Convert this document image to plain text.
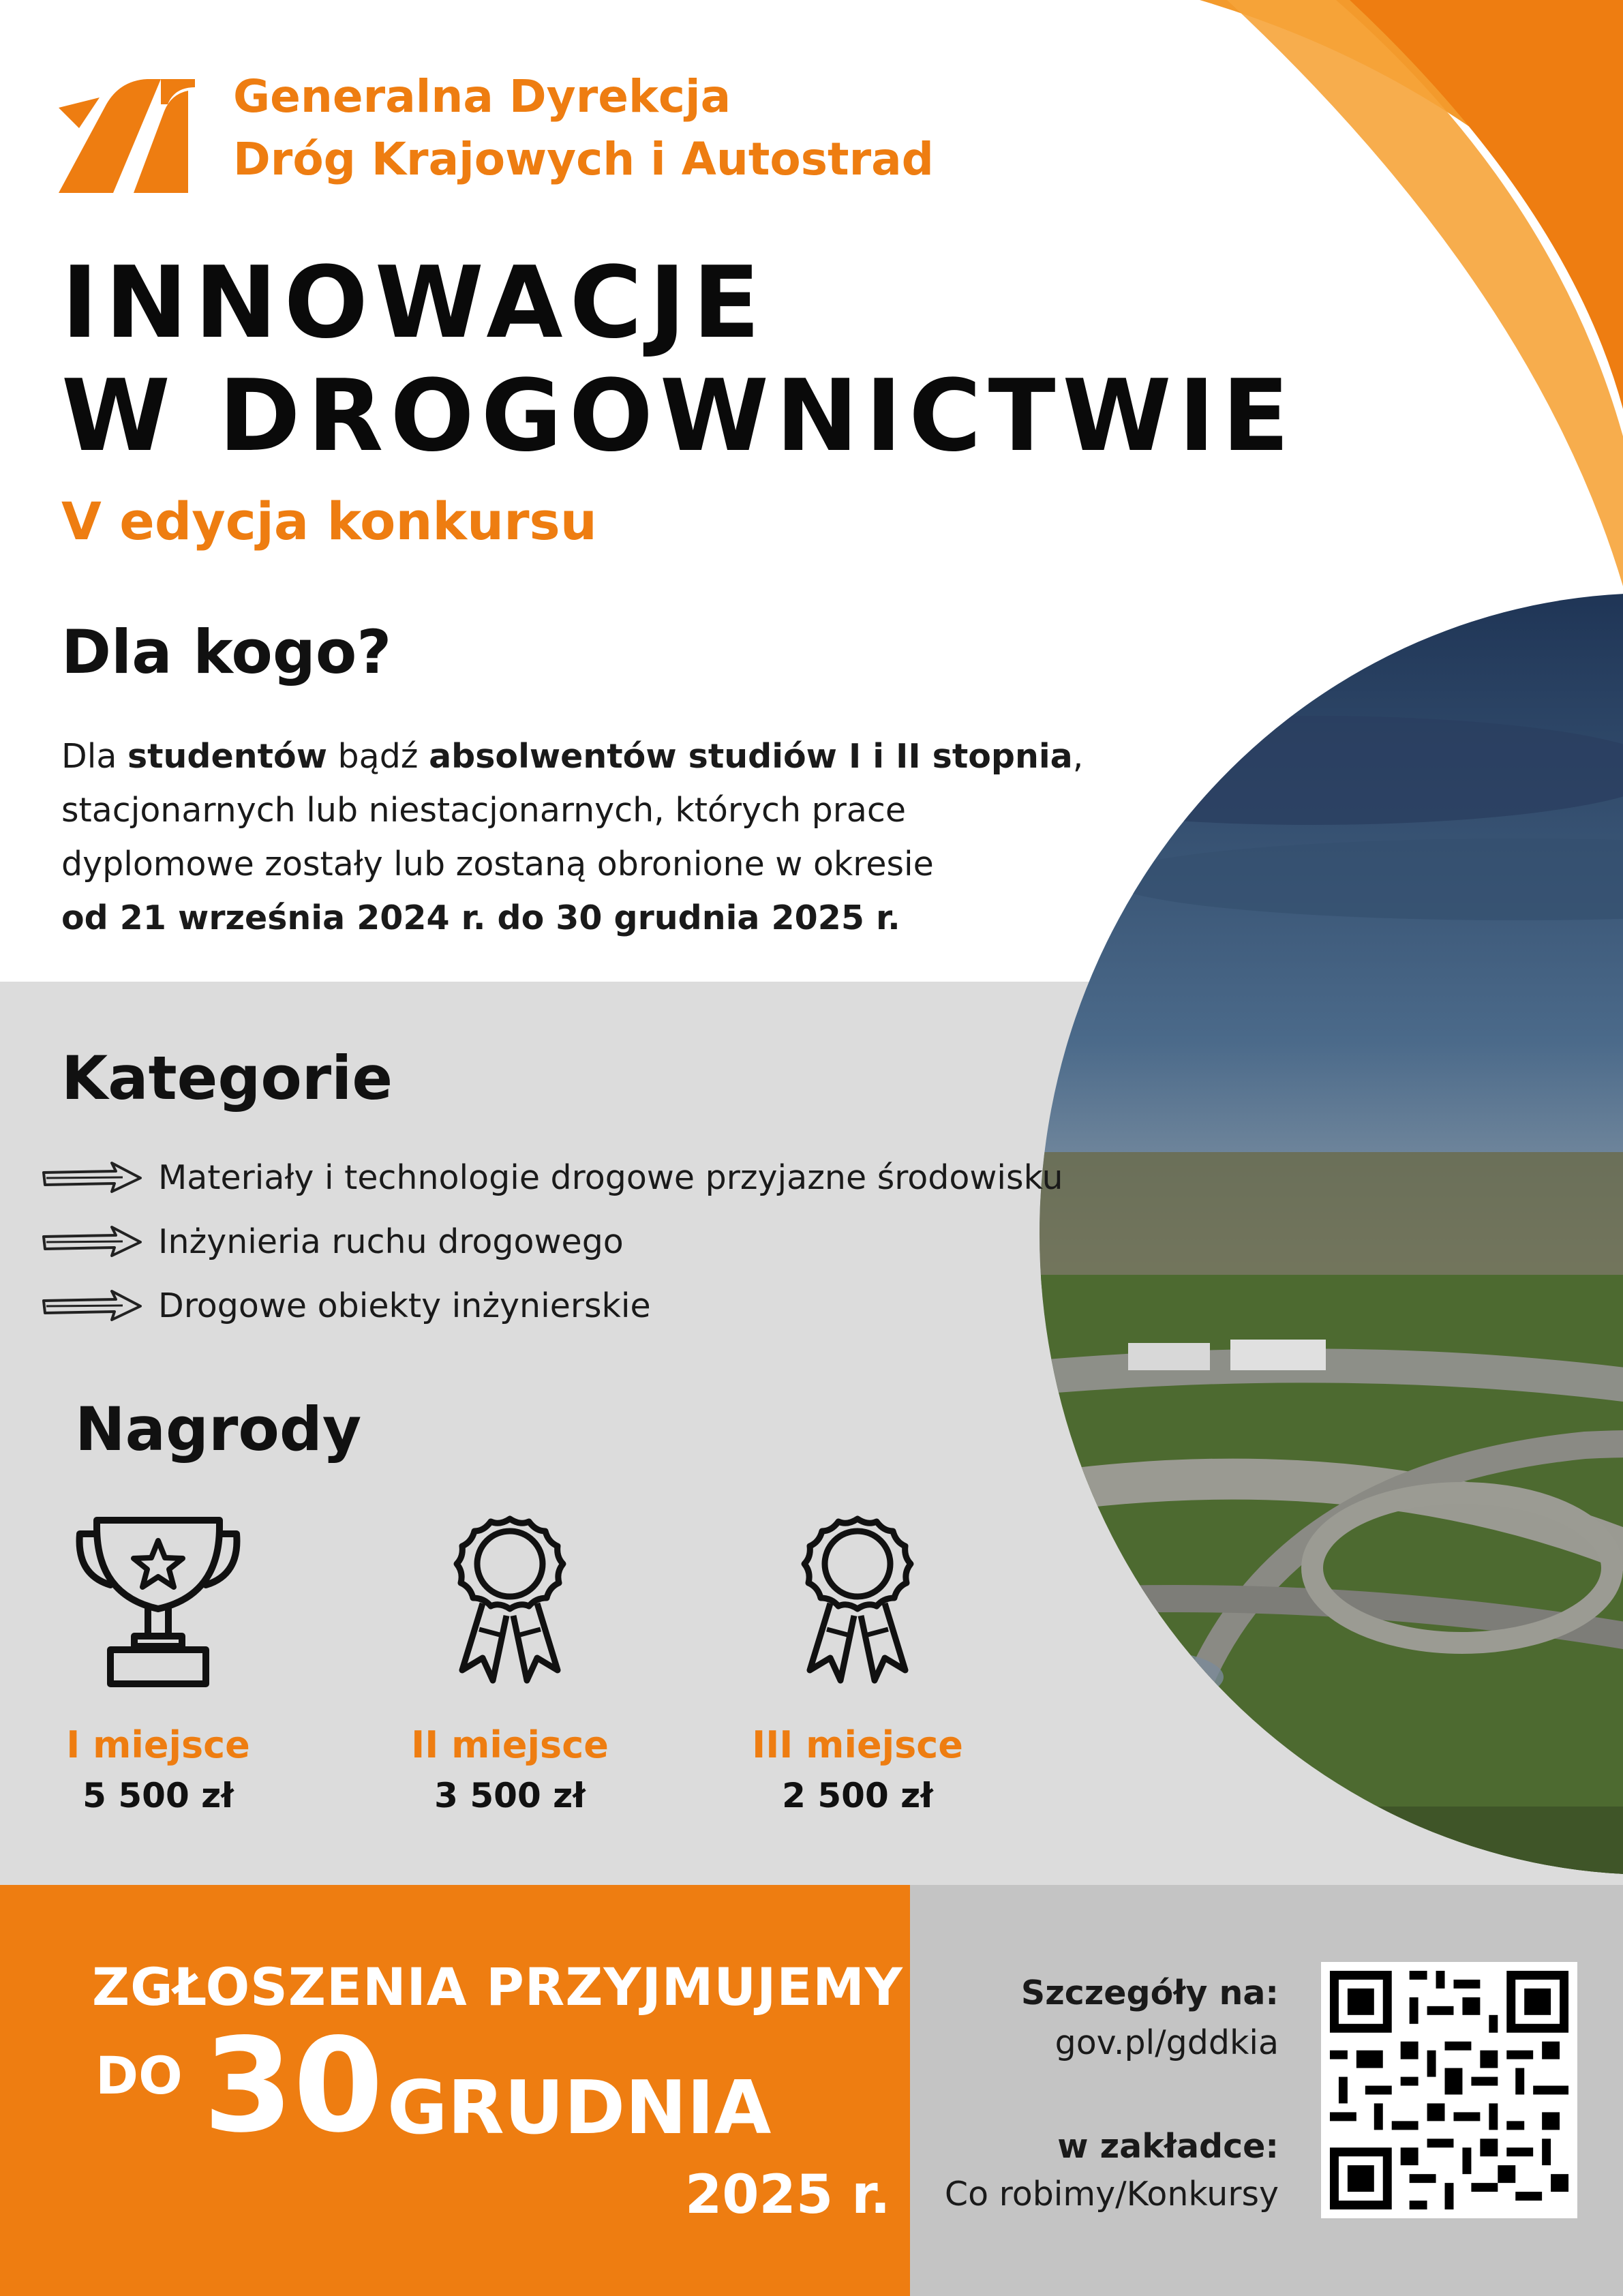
Generalna Dyrekcja
Dróg Krajowych i Autostrad
INNOWACJE
W DROGOWNICTWIE
V edycja konkursu
Dla kogo?
Dla studentów bądź absolwentów studiów I i II stopnia,
stacjonarnych lub niestacjonarnych, których prace
dyplomowe zostały lub zostaną obronione w okresie
od 21 września 2024 r. do 30 grudnia 2025 r.
Kategorie
Materiały i technologie drogowe przyjazne środowisku
Inżynieria ruchu drogowego
Drogowe obiekty inżynierskie
Nagrody
I miejsce
5 500 zł
II miejsce
3 500 zł
III miejsce
2 500 zł
ZGŁOSZENIA PRZYJMUJEMY
DO 30 GRUDNIA
2025 r.
Szczegóły na:
gov.pl/gddkia
w zakładce:
Co robimy/Konkursy
